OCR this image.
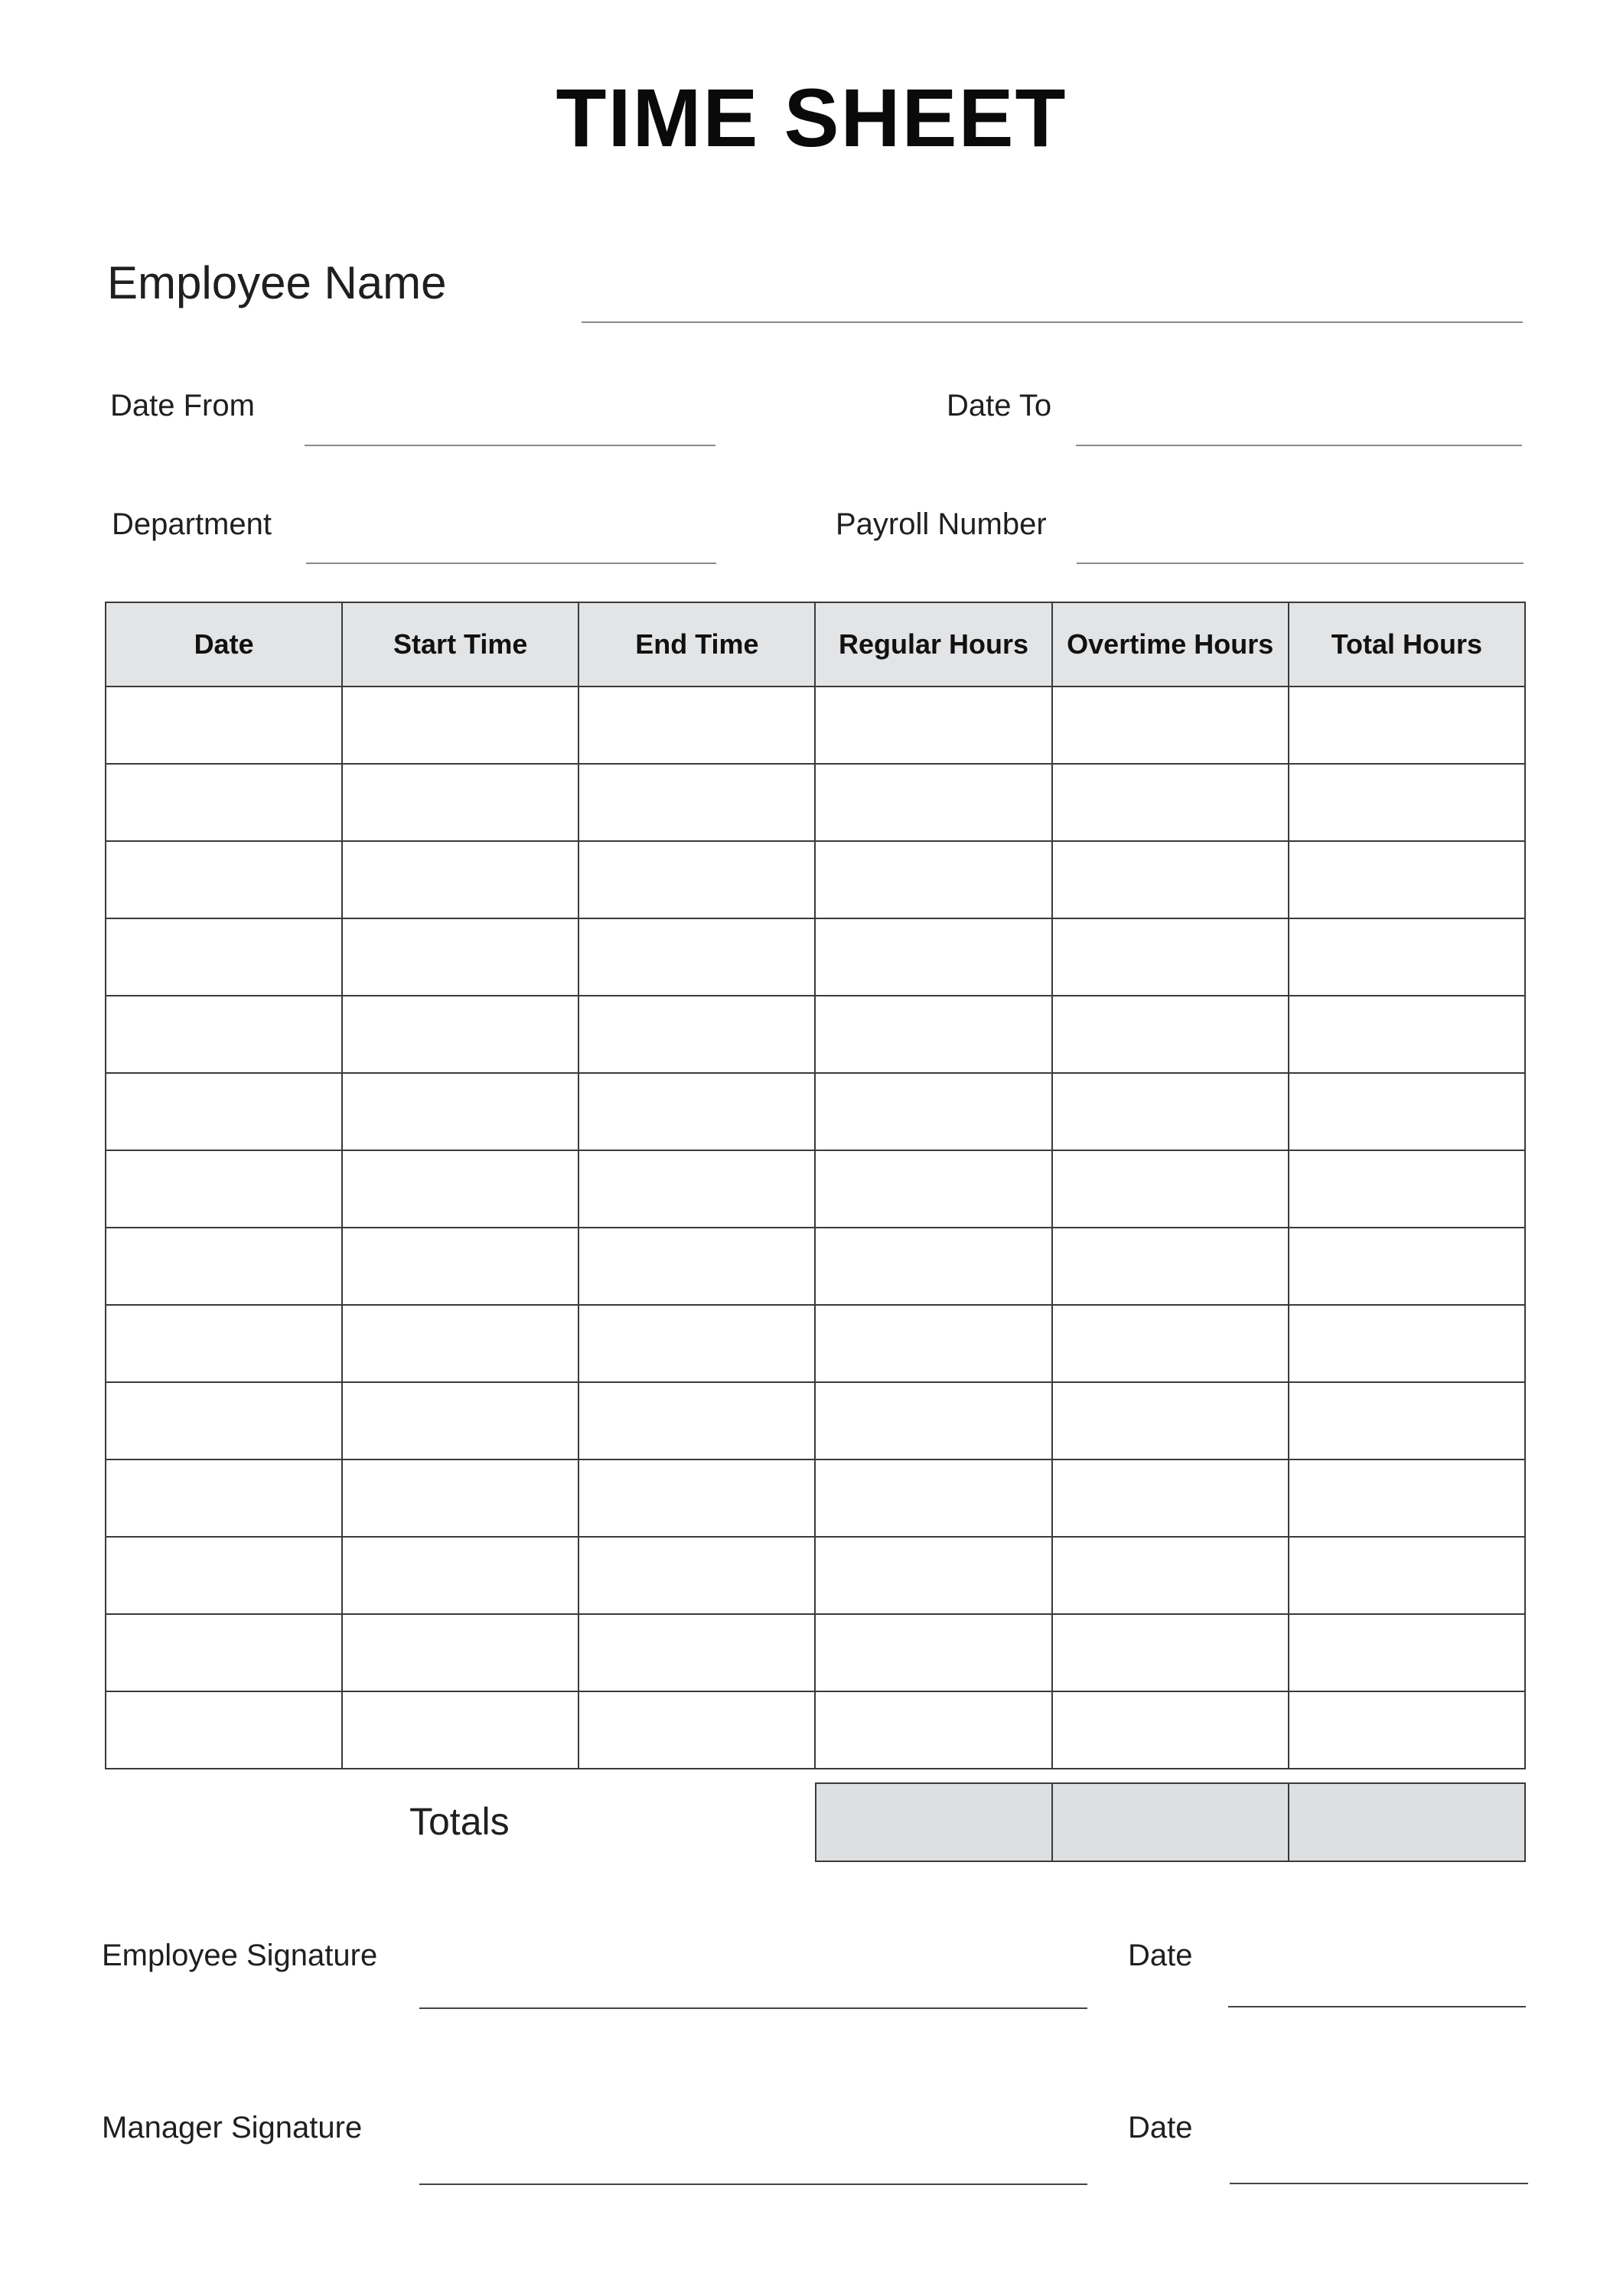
TIME SHEET
Employee Name
Date From	Date To
Department	Payroll Number
Date	Start Time	End Time	Regular Hours	Overtime Hours	Total Hours

Totals

Employee Signature	Date
Manager Signature	Date
